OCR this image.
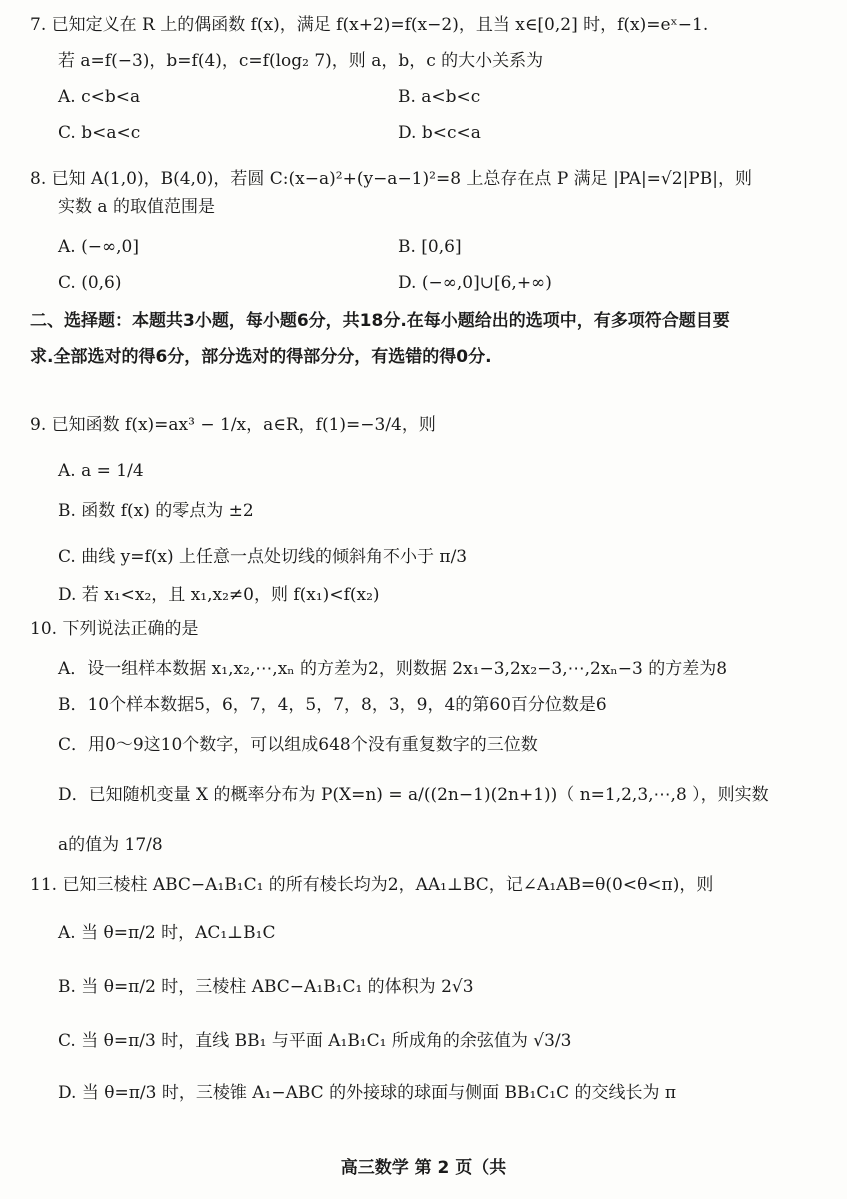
7. 已知定义在 R 上的偶函数 f(x)，满足 f(x+2)=f(x−2)，且当 x∈[0,2] 时，f(x)=eˣ−1.
若 a=f(−3)，b=f(4)，c=f(log₂ 7)，则 a，b，c 的大小关系为
A. c<b<a	B. a<b<c
C. b<a<c	D. b<c<a
8. 已知 A(1,0)，B(4,0)，若圆 C:(x−a)²+(y−a−1)²=8 上总存在点 P 满足 |PA|=√2|PB|，则
实数 a 的取值范围是
A. (−∞,0]	B. [0,6]
C. (0,6)	D. (−∞,0]∪[6,+∞)
二、选择题：本题共3小题，每小题6分，共18分.在每小题给出的选项中，有多项符合题目要
求.全部选对的得6分，部分选对的得部分分，有选错的得0分.
9. 已知函数 f(x)=ax³ − 1/x，a∈R，f(1)=−3/4，则
A. a = 1/4
B. 函数 f(x) 的零点为 ±2
C. 曲线 y=f(x) 上任意一点处切线的倾斜角不小于 π/3
D. 若 x₁<x₂，且 x₁,x₂≠0，则 f(x₁)<f(x₂)
10. 下列说法正确的是
A．设一组样本数据 x₁,x₂,⋯,xₙ 的方差为2，则数据 2x₁−3,2x₂−3,⋯,2xₙ−3 的方差为8
B．10个样本数据5，6，7，4，5，7，8，3，9，4的第60百分位数是6
C．用0～9这10个数字，可以组成648个没有重复数字的三位数
D．已知随机变量 X 的概率分布为 P(X=n) = a/((2n−1)(2n+1))（ n=1,2,3,⋯,8 ），则实数
a的值为 17/8
11. 已知三棱柱 ABC−A₁B₁C₁ 的所有棱长均为2，AA₁⊥BC，记∠A₁AB=θ(0<θ<π)，则
A. 当 θ=π/2 时，AC₁⊥B₁C
B. 当 θ=π/2 时，三棱柱 ABC−A₁B₁C₁ 的体积为 2√3
C. 当 θ=π/3 时，直线 BB₁ 与平面 A₁B₁C₁ 所成角的余弦值为 √3/3
D. 当 θ=π/3 时，三棱锥 A₁−ABC 的外接球的球面与侧面 BB₁C₁C 的交线长为 π
高三数学 第 2 页（共
